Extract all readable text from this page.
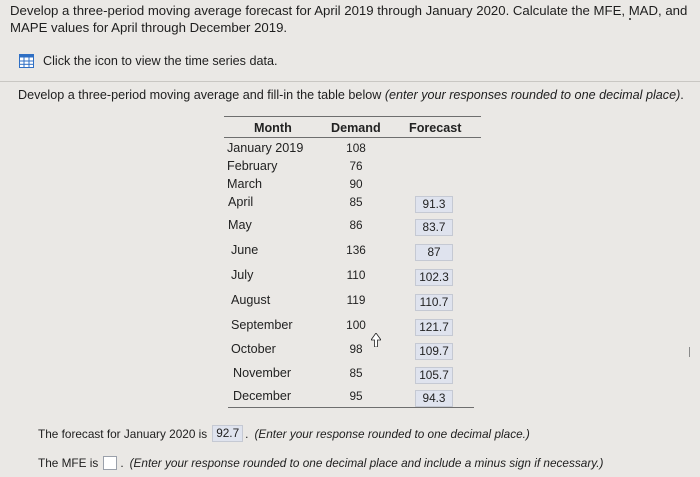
Develop a three-period moving average forecast for April 2019 through January 2020. Calculate the MFE, MAD, and MAPE values for April through December 2019.
Click the icon to view the time series data.
Develop a three-period moving average and fill-in the table below (enter your responses rounded to one decimal place).
Month	Demand Forecast
January 2019	108
February	76
March	90
April	85	91.3
May	86	83.7
June	136	87
July	110	102.3
August	119	110.7
September	100	121.7
October	98	109.7
November	85	105.7
December	95	94.3
The forecast for January 2020 is 92.7 . (Enter your response rounded to one decimal place.)
The MFE is . (Enter your response rounded to one decimal place and include a minus sign if necessary.)
